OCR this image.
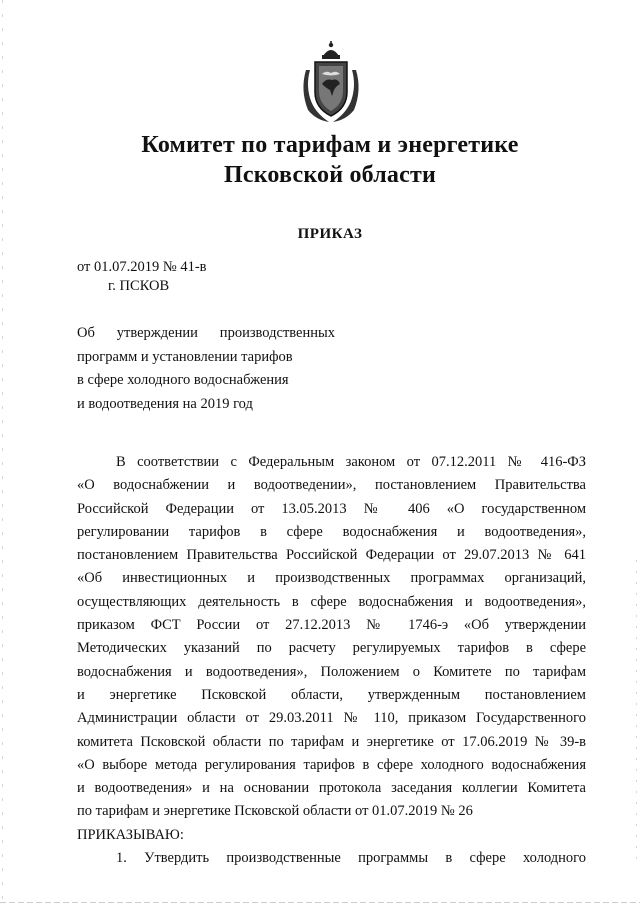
Комитет по тарифам и энергетике
Псковской области
ПРИКАЗ
от 01.07.2019 № 41-в
г. ПСКОВ
Об утверждении производственных
программ и установлении тарифов
в сфере холодного водоснабжения
и водоотведения на 2019 год
В соответствии с Федеральным законом от 07.12.2011 № 416-ФЗ
«О водоснабжении и водоотведении», постановлением Правительства
Российской Федерации от 13.05.2013 № 406 «О государственном
регулировании тарифов в сфере водоснабжения и водоотведения»,
постановлением Правительства Российской Федерации от 29.07.2013 № 641
«Об инвестиционных и производственных программах организаций,
осуществляющих деятельность в сфере водоснабжения и водоотведения»,
приказом ФСТ России от 27.12.2013 № 1746-э «Об утверждении
Методических указаний по расчету регулируемых тарифов в сфере
водоснабжения и водоотведения», Положением о Комитете по тарифам
и энергетике Псковской области, утвержденным постановлением
Администрации области от 29.03.2011 № 110, приказом Государственного
комитета Псковской области по тарифам и энергетике от 17.06.2019 № 39-в
«О выборе метода регулирования тарифов в сфере холодного водоснабжения
и водоотведения» и на основании протокола заседания коллегии Комитета
по тарифам и энергетике Псковской области от 01.07.2019 № 26
ПРИКАЗЫВАЮ:
1. Утвердить производственные программы в сфере холодного
